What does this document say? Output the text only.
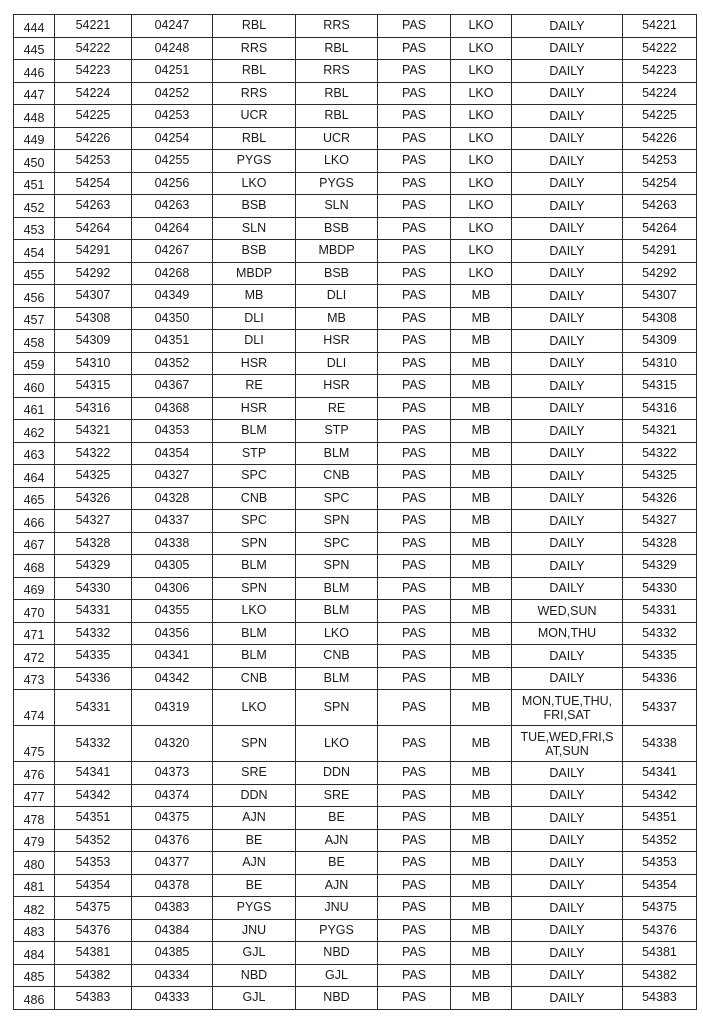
444	54221	04247	RBL	RRS	PAS	LKO	DAILY	54221
445	54222	04248	RRS	RBL	PAS	LKO	DAILY	54222
446	54223	04251	RBL	RRS	PAS	LKO	DAILY	54223
447	54224	04252	RRS	RBL	PAS	LKO	DAILY	54224
448	54225	04253	UCR	RBL	PAS	LKO	DAILY	54225
449	54226	04254	RBL	UCR	PAS	LKO	DAILY	54226
450	54253	04255	PYGS	LKO	PAS	LKO	DAILY	54253
451	54254	04256	LKO	PYGS	PAS	LKO	DAILY	54254
452	54263	04263	BSB	SLN	PAS	LKO	DAILY	54263
453	54264	04264	SLN	BSB	PAS	LKO	DAILY	54264
454	54291	04267	BSB	MBDP	PAS	LKO	DAILY	54291
455	54292	04268	MBDP	BSB	PAS	LKO	DAILY	54292
456	54307	04349	MB	DLI	PAS	MB	DAILY	54307
457	54308	04350	DLI	MB	PAS	MB	DAILY	54308
458	54309	04351	DLI	HSR	PAS	MB	DAILY	54309
459	54310	04352	HSR	DLI	PAS	MB	DAILY	54310
460	54315	04367	RE	HSR	PAS	MB	DAILY	54315
461	54316	04368	HSR	RE	PAS	MB	DAILY	54316
462	54321	04353	BLM	STP	PAS	MB	DAILY	54321
463	54322	04354	STP	BLM	PAS	MB	DAILY	54322
464	54325	04327	SPC	CNB	PAS	MB	DAILY	54325
465	54326	04328	CNB	SPC	PAS	MB	DAILY	54326
466	54327	04337	SPC	SPN	PAS	MB	DAILY	54327
467	54328	04338	SPN	SPC	PAS	MB	DAILY	54328
468	54329	04305	BLM	SPN	PAS	MB	DAILY	54329
469	54330	04306	SPN	BLM	PAS	MB	DAILY	54330
470	54331	04355	LKO	BLM	PAS	MB	WED,SUN	54331
471	54332	04356	BLM	LKO	PAS	MB	MON,THU	54332
472	54335	04341	BLM	CNB	PAS	MB	DAILY	54335
473	54336	04342	CNB	BLM	PAS	MB	DAILY	54336
474	54331	04319	LKO	SPN	PAS	MB	MON,TUE,THU, FRI,SAT	54337
475	54332	04320	SPN	LKO	PAS	MB	TUE,WED,FRI,S AT,SUN	54338
476	54341	04373	SRE	DDN	PAS	MB	DAILY	54341
477	54342	04374	DDN	SRE	PAS	MB	DAILY	54342
478	54351	04375	AJN	BE	PAS	MB	DAILY	54351
479	54352	04376	BE	AJN	PAS	MB	DAILY	54352
480	54353	04377	AJN	BE	PAS	MB	DAILY	54353
481	54354	04378	BE	AJN	PAS	MB	DAILY	54354
482	54375	04383	PYGS	JNU	PAS	MB	DAILY	54375
483	54376	04384	JNU	PYGS	PAS	MB	DAILY	54376
484	54381	04385	GJL	NBD	PAS	MB	DAILY	54381
485	54382	04334	NBD	GJL	PAS	MB	DAILY	54382
486	54383	04333	GJL	NBD	PAS	MB	DAILY	54383
